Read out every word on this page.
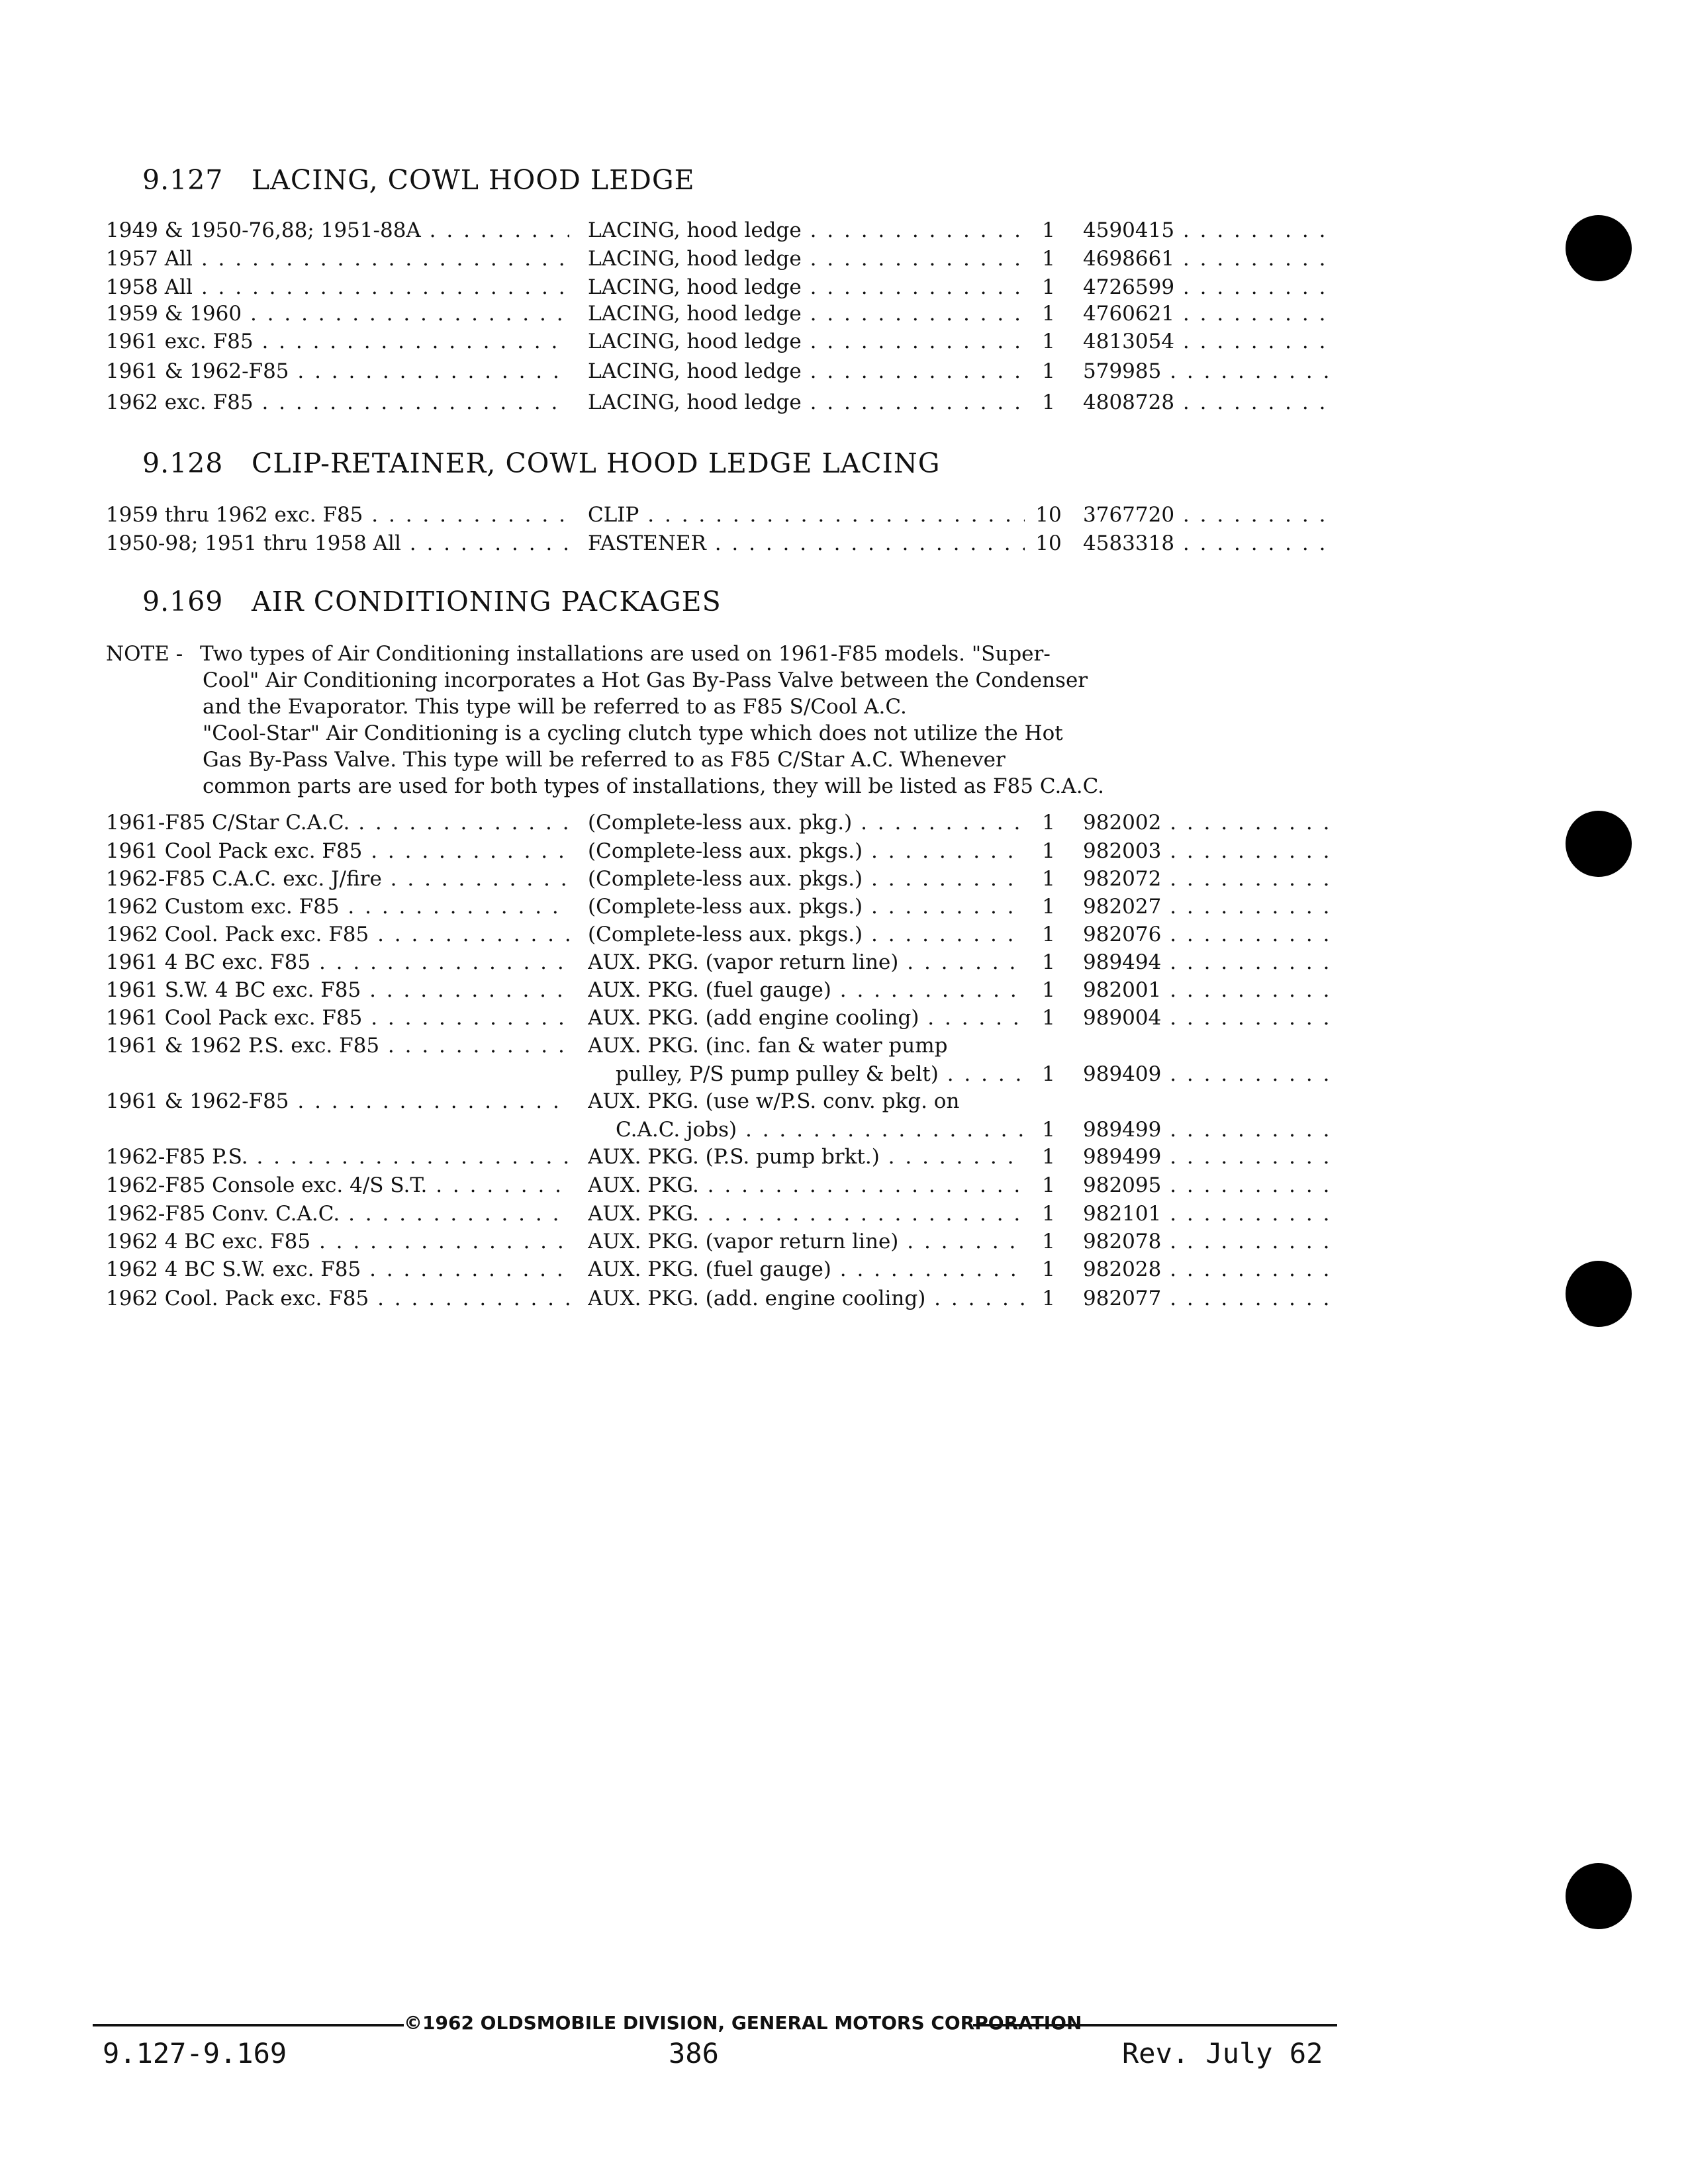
9.127 LACING, COWL HOOD LEDGE
1949 & 1950-76,88; 1951-88A . . .	LACING, hood ledge . . .	1	4590415 . . .
1957 All . . .	LACING, hood ledge . . .	1	4698661 . . .
1958 All . . .	LACING, hood ledge . . .	1	4726599 . . .
1959 & 1960 . . .	LACING, hood ledge . . .	1	4760621 . . .
1961 exc. F85 . . .	LACING, hood ledge . . .	1	4813054 . . .
1961 & 1962-F85 . . .	LACING, hood ledge . . .	1	579985 . . .
1962 exc. F85 . . .	LACING, hood ledge . . .	1	4808728 . . .
9.128 CLIP-RETAINER, COWL HOOD LEDGE LACING
1959 thru 1962 exc. F85 . . .	CLIP . . .	10 3767720 . . .
1950-98; 1951 thru 1958 All . . .	FASTENER . . .	10 4583318 . . .
9.169 AIR CONDITIONING PACKAGES
NOTE - Two types of Air Conditioning installations are used on 1961-F85 models. "Super-

Cool" Air Conditioning incorporates a Hot Gas By-Pass Valve between the Condenser

and the Evaporator. This type will be referred to as F85 S/Cool A.C.

"Cool-Star" Air Conditioning is a cycling clutch type which does not utilize the Hot

Gas By-Pass Valve. This type will be referred to as F85 C/Star A.C. Whenever

common parts are used for both types of installations, they will be listed as F85 C.A.C.

1961-F85 C/Star C.A.C. . . .	(Complete-less aux. pkg.) . . .	1	982002 . . .
1961 Cool Pack exc. F85 . . .	(Complete-less aux. pkgs.) . . .	1	982003 . . .
1962-F85 C.A.C. exc. J/fire . . .	(Complete-less aux. pkgs.) . . .	1	982072 . . .
1962 Custom exc. F85 . . .	(Complete-less aux. pkgs.) . . .	1	982027 . . .
1962 Cool. Pack exc. F85 . . .	(Complete-less aux. pkgs.) . . .	1	982076 . . .
1961 4 BC exc. F85 . . .	AUX. PKG. (vapor return line) . . .	1	989494 . . .
1961 S.W. 4 BC exc. F85 . . .	AUX. PKG. (fuel gauge) . . .	1	982001 . . .
1961 Cool Pack exc. F85 . . .	AUX. PKG. (add engine cooling) . . .	1	989004 . . .
1961 & 1962 P.S. exc. F85 . . .	AUX. PKG. (inc. fan & water pump
pulley, P/S pump pulley & belt) . . .	1	989409 . . .
1961 & 1962-F85 . . .	AUX. PKG. (use w/P.S. conv. pkg. on
C.A.C. jobs) . . .	1	989499 . . .
1962-F85 P.S. . . .	AUX. PKG. (P.S. pump brkt.) . . .	1	989499 . . .
1962-F85 Console exc. 4/S S.T. . . .	AUX. PKG. . . .	1	982095 . . .
1962-F85 Conv. C.A.C. . . .	AUX. PKG. . . .	1	982101 . . .
1962 4 BC exc. F85 . . .	AUX. PKG. (vapor return line) . . .	1	982078 . . .
1962 4 BC S.W. exc. F85 . . .	AUX. PKG. (fuel gauge) . . .	1	982028 . . .
1962 Cool. Pack exc. F85 . . .	AUX. PKG. (add. engine cooling) . . .	1	982077 . . .
©1962 OLDSMOBILE DIVISION, GENERAL MOTORS CORPORATION
9.127-9.169	386	Rev. July 62
